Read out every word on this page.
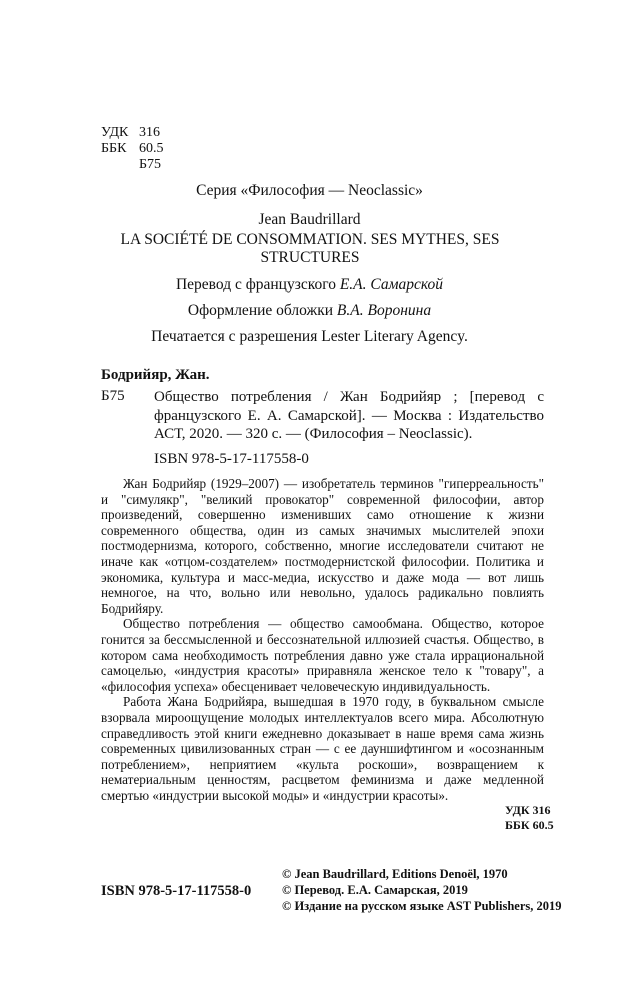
УДК 316
ББК 60.5
Б75
Серия «Философия — Neoclassic»
Jean Baudrillard
LA SOCIÉTÉ DE CONSOMMATION. SES MYTHES, SES STRUCTURES
Перевод с французского Е.А. Самарской
Оформление обложки В.А. Воронина
Печатается с разрешения Lester Literary Agency.
Бодрийяр, Жан.
Б75 Общество потребления / Жан Бодрийяр ; [перевод с французского Е. А. Самарской]. — Москва : Издательство АСТ, 2020. — 320 с. — (Философия – Neoclassic).
ISBN 978-5-17-117558-0

Жан Бодрийяр (1929–2007) — изобретатель терминов "гиперреальность" и "симулякр", "великий провокатор" современной философии, автор произведений, совершенно изменивших само отношение к жизни современного общества, один из самых значимых мыслителей эпохи постмодернизма, которого, собственно, многие исследователи считают не иначе как «отцом-создателем» постмодернистской философии. Политика и экономика, культура и масс-медиа, искусство и даже мода — вот лишь немногое, на что, вольно или невольно, удалось радикально повлиять Бодрийяру.

Общество потребления — общество самообмана. Общество, которое гонится за бессмысленной и бессознательной иллюзией счастья. Общество, в котором сама необходимость потребления давно уже стала иррациональной самоцелью, «индустрия красоты» приравняла женское тело к "товару", а «философия успеха» обесценивает человеческую индивидуальность.

Работа Жана Бодрийяра, вышедшая в 1970 году, в буквальном смысле взорвала мироощущение молодых интеллектуалов всего мира. Абсолютную справедливость этой книги ежедневно доказывает в наше время сама жизнь современных цивилизованных стран — с ее дауншифтингом и «осознанным потреблением», неприятием «культа роскоши», возвращением к нематериальным ценностям, расцветом феминизма и даже медленной смертью «индустрии высокой моды» и «индустрии красоты».

УДК 316
ББК 60.5
ISBN 978-5-17-117558-0
© Jean Baudrillard, Editions Denoël, 1970
© Перевод. Е.А. Самарская, 2019
© Издание на русском языке AST Publishers, 2019
